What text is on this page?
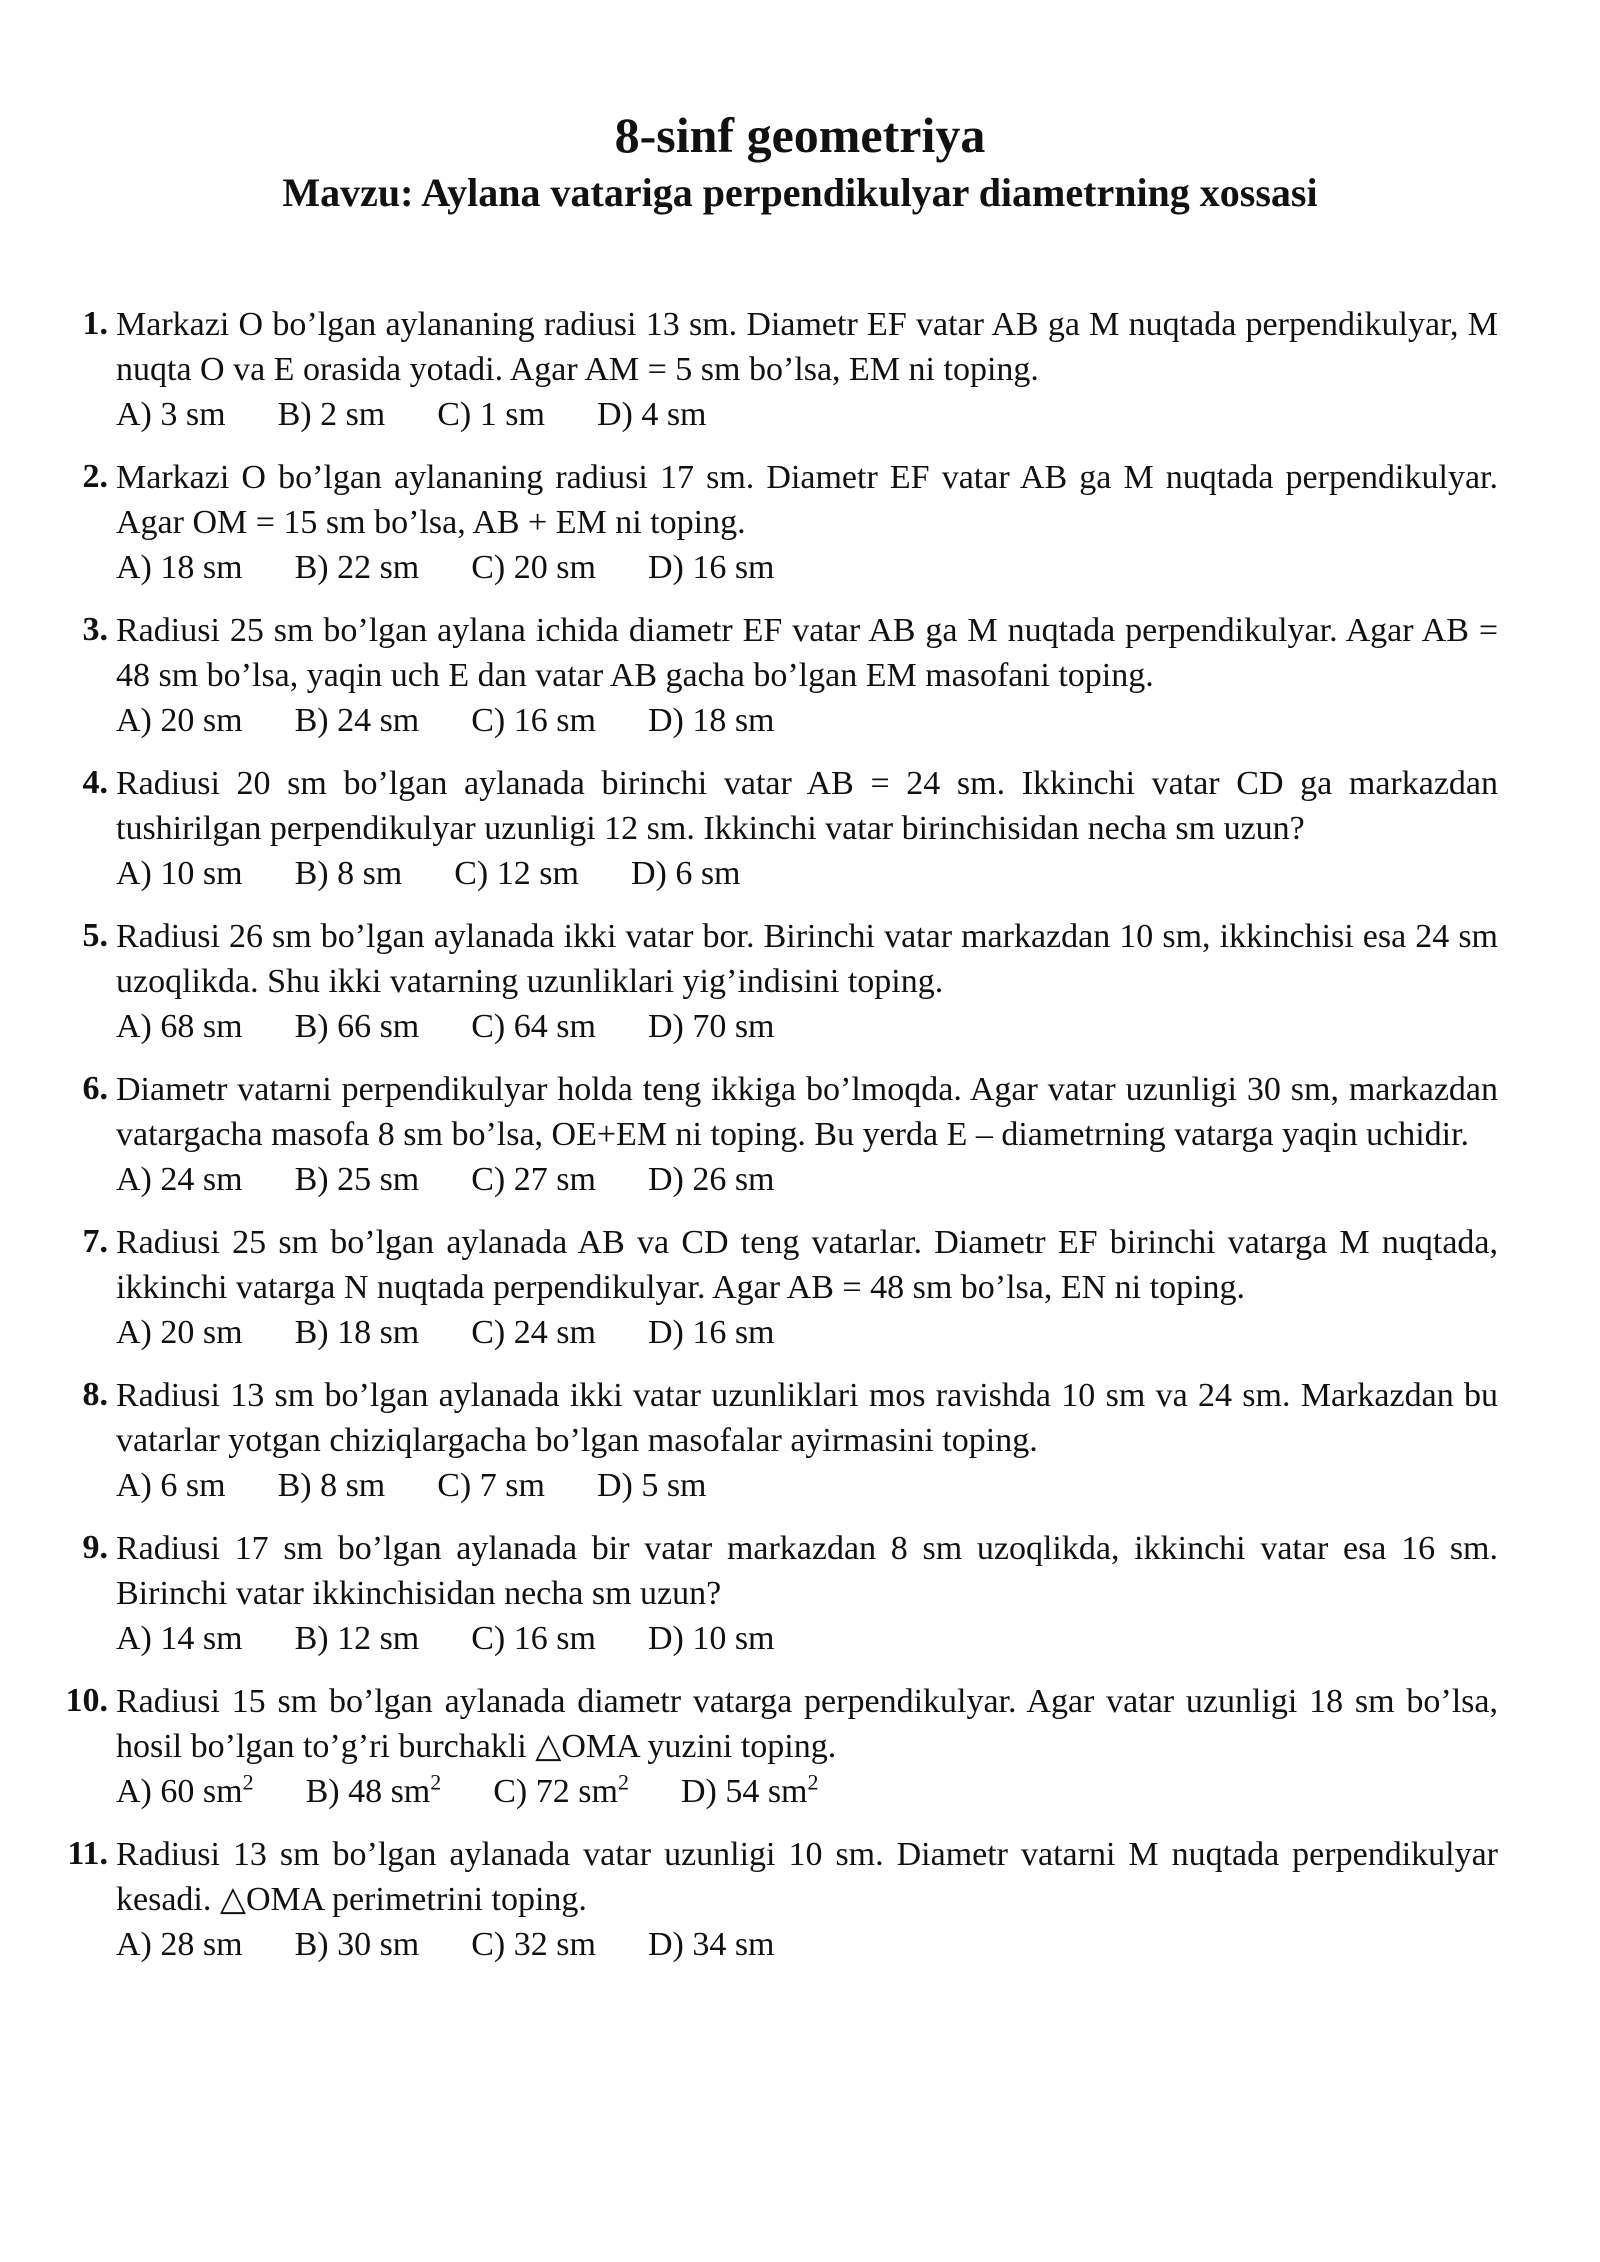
8-sinf geometriya
Mavzu: Aylana vatariga perpendikulyar diametrning xossasi
1. Markazi O bo’lgan aylananing radiusi 13 sm. Diametr EF vatar AB ga M nuqtada perpendikulyar, M nuqta O va E orasida yotadi. Agar AM = 5 sm bo’lsa, EM ni toping.
A) 3 sm B) 2 sm C) 1 sm D) 4 sm
2. Markazi O bo’lgan aylananing radiusi 17 sm. Diametr EF vatar AB ga M nuqtada perpendikulyar. Agar OM = 15 sm bo’lsa, AB + EM ni toping.
A) 18 sm B) 22 sm C) 20 sm D) 16 sm
3. Radiusi 25 sm bo’lgan aylana ichida diametr EF vatar AB ga M nuqtada perpendikulyar. Agar AB = 48 sm bo’lsa, yaqin uch E dan vatar AB gacha bo’lgan EM masofani toping.
A) 20 sm B) 24 sm C) 16 sm D) 18 sm
4. Radiusi 20 sm bo’lgan aylanada birinchi vatar AB = 24 sm. Ikkinchi vatar CD ga markazdan tushirilgan perpendikulyar uzunligi 12 sm. Ikkinchi vatar birinchisidan necha sm uzun?
A) 10 sm B) 8 sm C) 12 sm D) 6 sm
5. Radiusi 26 sm bo’lgan aylanada ikki vatar bor. Birinchi vatar markazdan 10 sm, ikkinchisi esa 24 sm uzoqlikda. Shu ikki vatarning uzunliklari yig’indisini toping.
A) 68 sm B) 66 sm C) 64 sm D) 70 sm
6. Diametr vatarni perpendikulyar holda teng ikkiga bo’lmoqda. Agar vatar uzunligi 30 sm, markazdan vatargacha masofa 8 sm bo’lsa, OE+EM ni toping. Bu yerda E – diametrning vatarga yaqin uchidir.
A) 24 sm B) 25 sm C) 27 sm D) 26 sm
7. Radiusi 25 sm bo’lgan aylanada AB va CD teng vatarlar. Diametr EF birinchi vatarga M nuqtada, ikkinchi vatarga N nuqtada perpendikulyar. Agar AB = 48 sm bo’lsa, EN ni toping.
A) 20 sm B) 18 sm C) 24 sm D) 16 sm
8. Radiusi 13 sm bo’lgan aylanada ikki vatar uzunliklari mos ravishda 10 sm va 24 sm. Markazdan bu vatarlar yotgan chiziqlargacha bo’lgan masofalar ayirmasini toping.
A) 6 sm B) 8 sm C) 7 sm D) 5 sm
9. Radiusi 17 sm bo’lgan aylanada bir vatar markazdan 8 sm uzoqlikda, ikkinchi vatar esa 16 sm. Birinchi vatar ikkinchisidan necha sm uzun?
A) 14 sm B) 12 sm C) 16 sm D) 10 sm
10. Radiusi 15 sm bo’lgan aylanada diametr vatarga perpendikulyar. Agar vatar uzunligi 18 sm bo’lsa, hosil bo’lgan to’g’ri burchakli △OMA yuzini toping.
A) 60 $sm^2$ B) 48 $sm^2$ C) 72 $sm^2$ D) 54 $sm^2$
11. Radiusi 13 sm bo’lgan aylanada vatar uzunligi 10 sm. Diametr vatarni M nuqtada perpendikulyar kesadi. △OMA perimetrini toping.
A) 28 sm B) 30 sm C) 32 sm D) 34 sm
